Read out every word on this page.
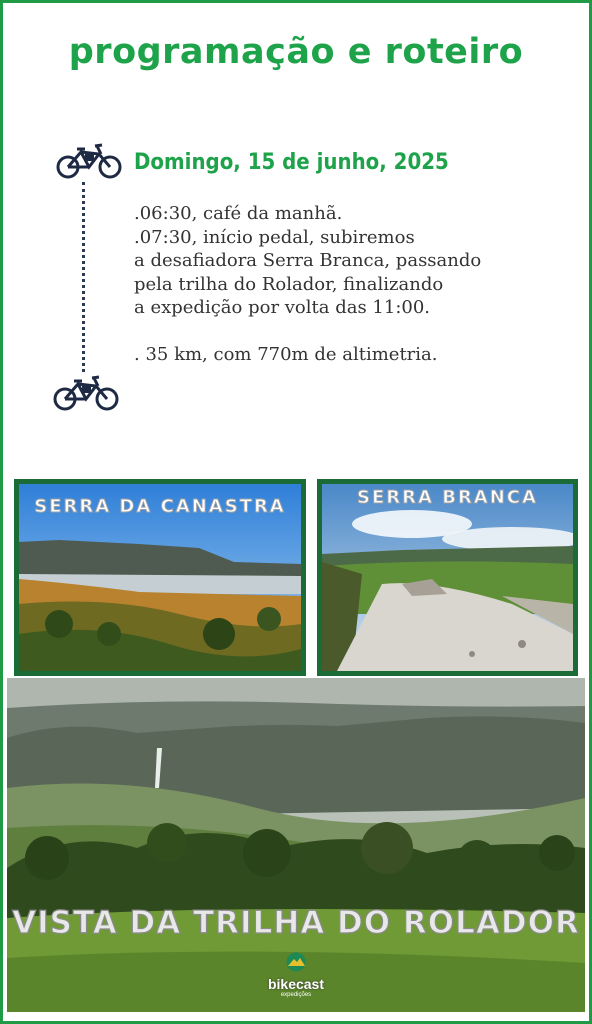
programação e roteiro
Domingo, 15 de junho, 2025
.06:30, café da manhã.
.07:30, início pedal, subiremos
a desafiadora Serra Branca, passando
pela trilha do Rolador, finalizando
a expedição por volta das 11:00.
. 35 km, com 770m de altimetria.
SERRA DA CANASTRA	SERRA BRANCA
VISTA DA TRILHA DO ROLADOR
bikecast
expedições
